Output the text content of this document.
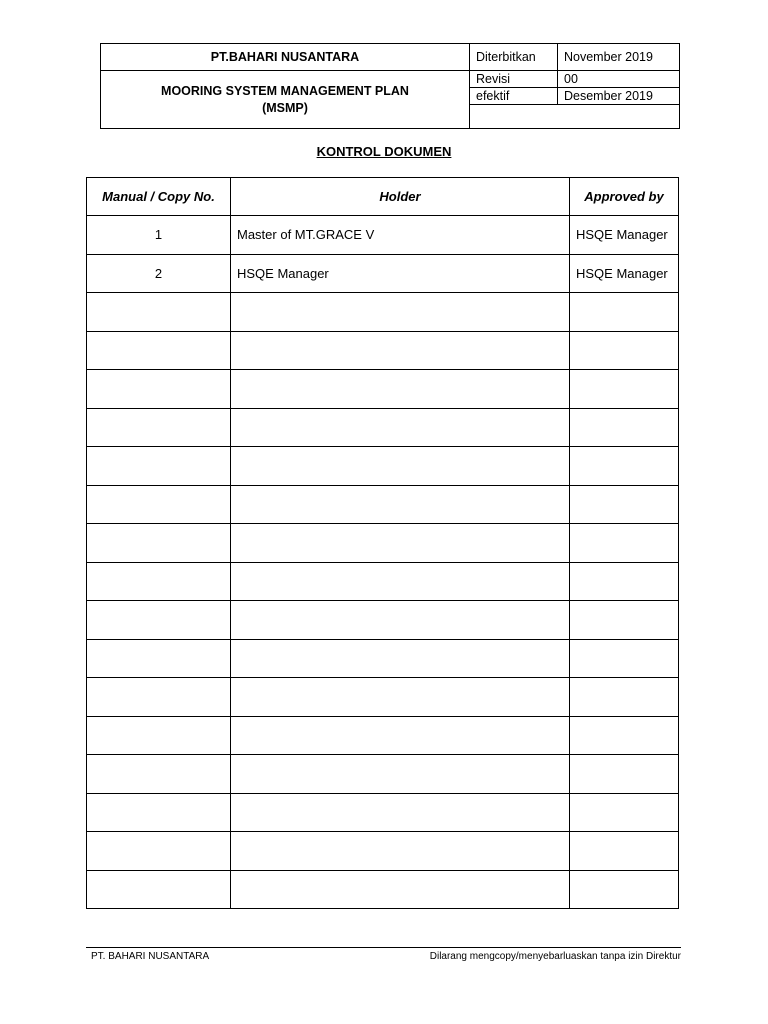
PT.BAHARI NUSANTARA	Diterbitkan	November 2019
MOORING SYSTEM MANAGEMENT PLAN
(MSMP)	Revisi	00
	efektif	Desember 2019

KONTROL DOKUMEN
Manual / Copy No.	Holder	Approved by
1	Master of MT.GRACE V	HSQE Manager
2	HSQE Manager	HSQE Manager

PT. BAHARI NUSANTARA	Dilarang mengcopy/menyebarluaskan tanpa izin Direktur
